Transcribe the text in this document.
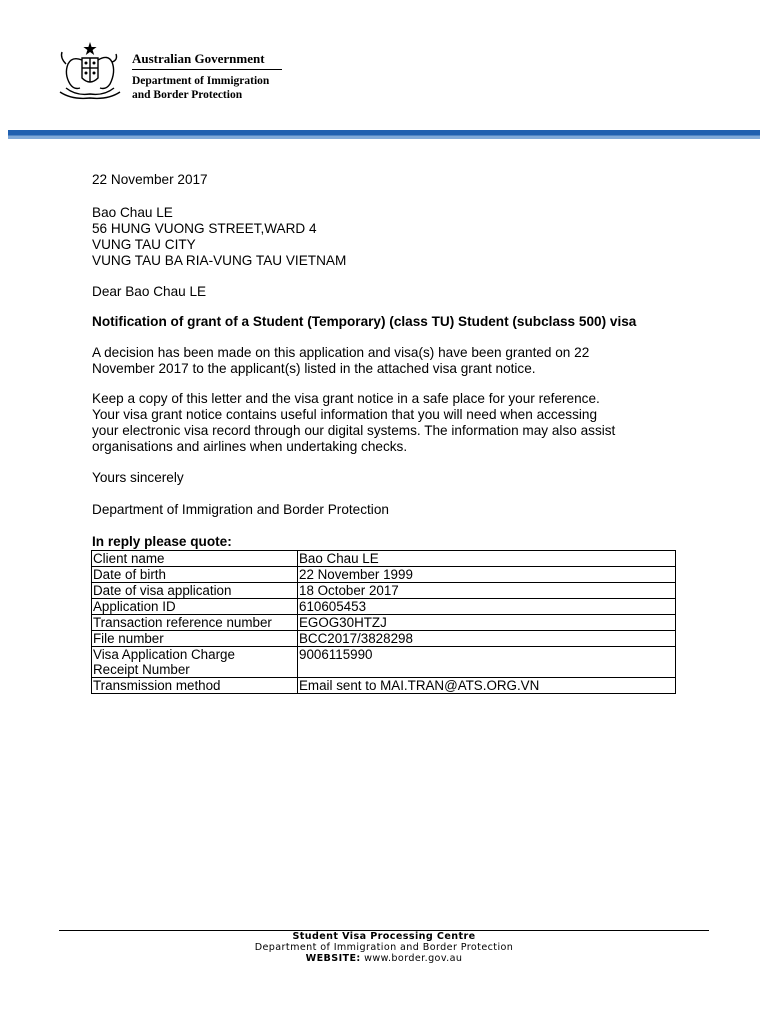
Australian Government
Department of Immigration
and Border Protection
22 November 2017
Bao Chau LE
56 HUNG VUONG STREET,WARD 4
VUNG TAU CITY
VUNG TAU BA RIA-VUNG TAU VIETNAM
Dear Bao Chau LE
Notification of grant of a Student (Temporary) (class TU) Student (subclass 500) visa
A decision has been made on this application and visa(s) have been granted on 22
November 2017 to the applicant(s) listed in the attached visa grant notice.
Keep a copy of this letter and the visa grant notice in a safe place for your reference.
Your visa grant notice contains useful information that you will need when accessing
your electronic visa record through our digital systems. The information may also assist
organisations and airlines when undertaking checks.
Yours sincerely
Department of Immigration and Border Protection
In reply please quote:
Client name	Bao Chau LE
Date of birth	22 November 1999
Date of visa application	18 October 2017
Application ID	610605453
Transaction reference number	EGOG30HTZJ
File number	BCC2017/3828298

Visa Application Charge
Receipt Number	9006115990
Transmission method	Email sent to MAI.TRAN@ATS.ORG.VN
Student Visa Processing Centre
Department of Immigration and Border Protection
WEBSITE: www.border.gov.au
